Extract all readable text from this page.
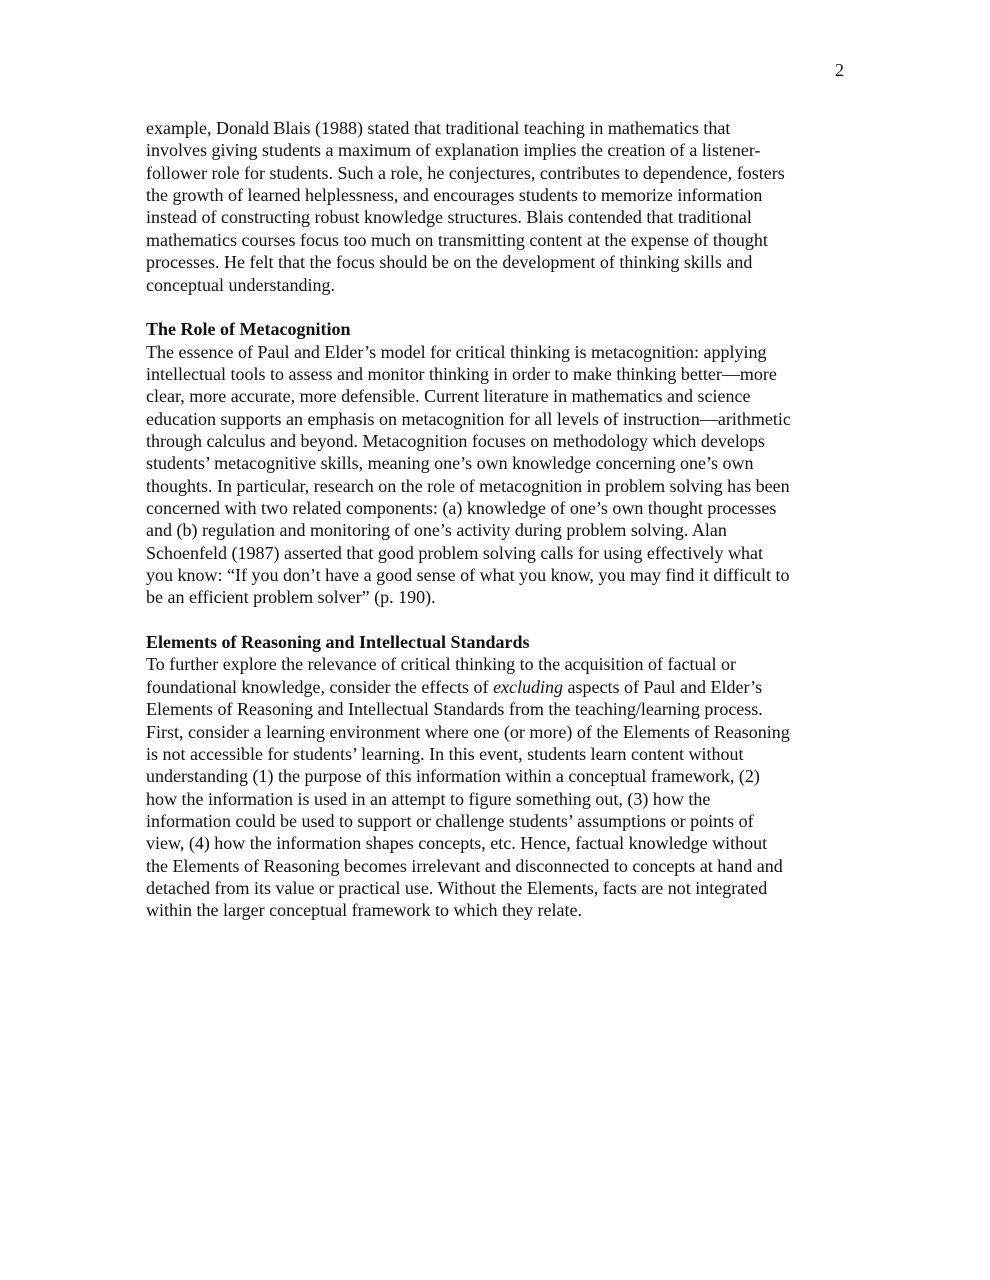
2
example, Donald Blais (1988) stated that traditional teaching in mathematics that
involves giving students a maximum of explanation implies the creation of a listener-
follower role for students. Such a role, he conjectures, contributes to dependence, fosters
the growth of learned helplessness, and encourages students to memorize information
instead of constructing robust knowledge structures. Blais contended that traditional
mathematics courses focus too much on transmitting content at the expense of thought
processes. He felt that the focus should be on the development of thinking skills and
conceptual understanding.
The Role of Metacognition
The essence of Paul and Elder’s model for critical thinking is metacognition: applying
intellectual tools to assess and monitor thinking in order to make thinking better—more
clear, more accurate, more defensible. Current literature in mathematics and science
education supports an emphasis on metacognition for all levels of instruction—arithmetic
through calculus and beyond. Metacognition focuses on methodology which develops
students’ metacognitive skills, meaning one’s own knowledge concerning one’s own
thoughts. In particular, research on the role of metacognition in problem solving has been
concerned with two related components: (a) knowledge of one’s own thought processes
and (b) regulation and monitoring of one’s activity during problem solving. Alan
Schoenfeld (1987) asserted that good problem solving calls for using effectively what
you know: “If you don’t have a good sense of what you know, you may find it difficult to
be an efficient problem solver” (p. 190).
Elements of Reasoning and Intellectual Standards
To further explore the relevance of critical thinking to the acquisition of factual or
foundational knowledge, consider the effects of excluding aspects of Paul and Elder’s
Elements of Reasoning and Intellectual Standards from the teaching/learning process.
First, consider a learning environment where one (or more) of the Elements of Reasoning
is not accessible for students’ learning. In this event, students learn content without
understanding (1) the purpose of this information within a conceptual framework, (2)
how the information is used in an attempt to figure something out, (3) how the
information could be used to support or challenge students’ assumptions or points of
view, (4) how the information shapes concepts, etc. Hence, factual knowledge without
the Elements of Reasoning becomes irrelevant and disconnected to concepts at hand and
detached from its value or practical use. Without the Elements, facts are not integrated
within the larger conceptual framework to which they relate.
